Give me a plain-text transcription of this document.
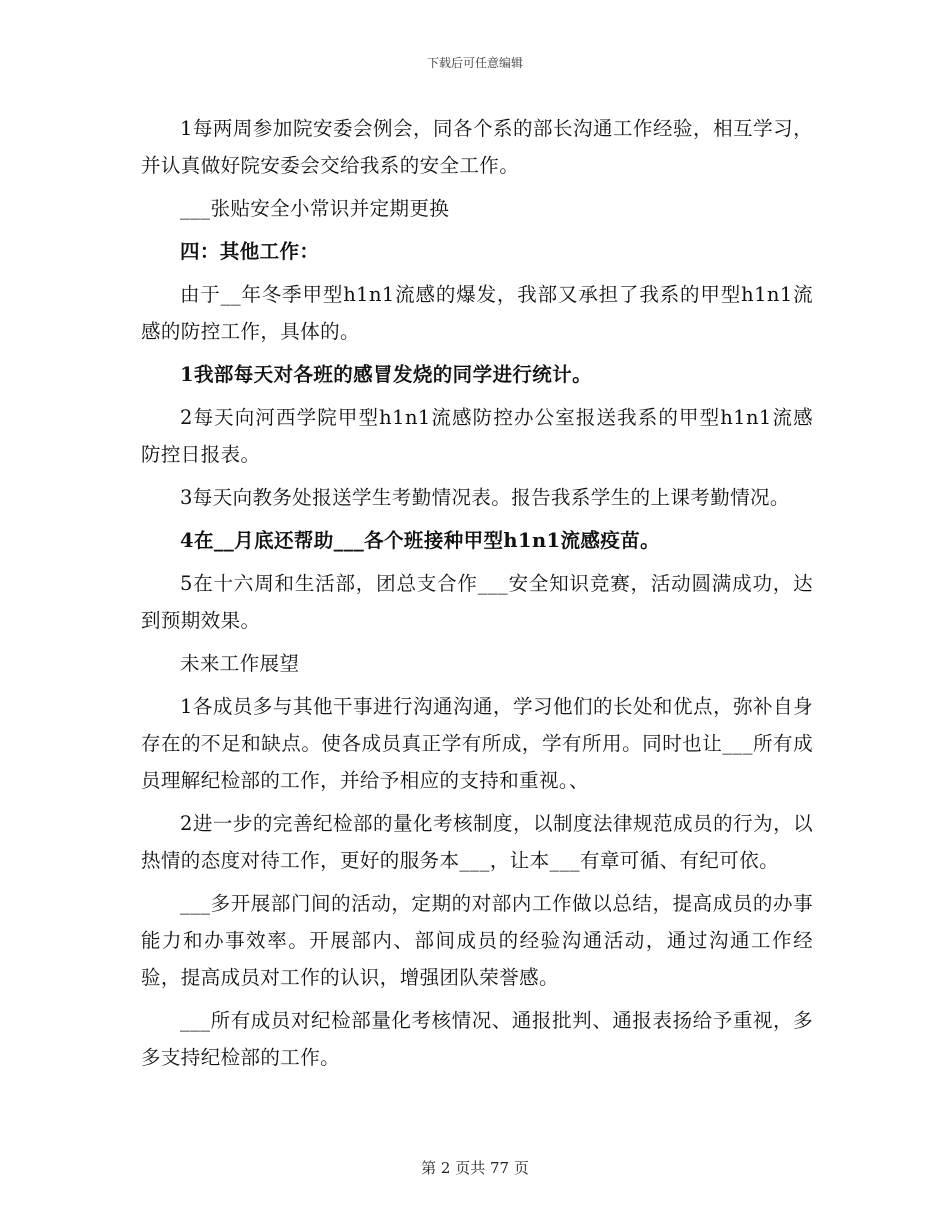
下载后可任意编辑

1每两周参加院安委会例会，同各个系的部长沟通工作经验，相互学习，并认真做好院安委会交给我系的安全工作。

___张贴安全小常识并定期更换

四：其他工作：

由于__年冬季甲型h1n1流感的爆发，我部又承担了我系的甲型h1n1流感的防控工作，具体的。

1我部每天对各班的感冒发烧的同学进行统计。

2每天向河西学院甲型h1n1流感防控办公室报送我系的甲型h1n1流感防控日报表。

3每天向教务处报送学生考勤情况表。报告我系学生的上课考勤情况。

4在__月底还帮助___各个班接种甲型h1n1流感疫苗。

5在十六周和生活部，团总支合作___安全知识竞赛，活动圆满成功，达到预期效果。

未来工作展望

1各成员多与其他干事进行沟通沟通，学习他们的长处和优点，弥补自身存在的不足和缺点。使各成员真正学有所成，学有所用。同时也让___所有成员理解纪检部的工作，并给予相应的支持和重视。、

2进一步的完善纪检部的量化考核制度，以制度法律规范成员的行为，以热情的态度对待工作，更好的服务本___，让本___有章可循、有纪可依。

___多开展部门间的活动，定期的对部内工作做以总结，提高成员的办事能力和办事效率。开展部内、部间成员的经验沟通活动，通过沟通工作经验，提高成员对工作的认识，增强团队荣誉感。

___所有成员对纪检部量化考核情况、通报批判、通报表扬给予重视，多多支持纪检部的工作。

第 2 页共 77 页
